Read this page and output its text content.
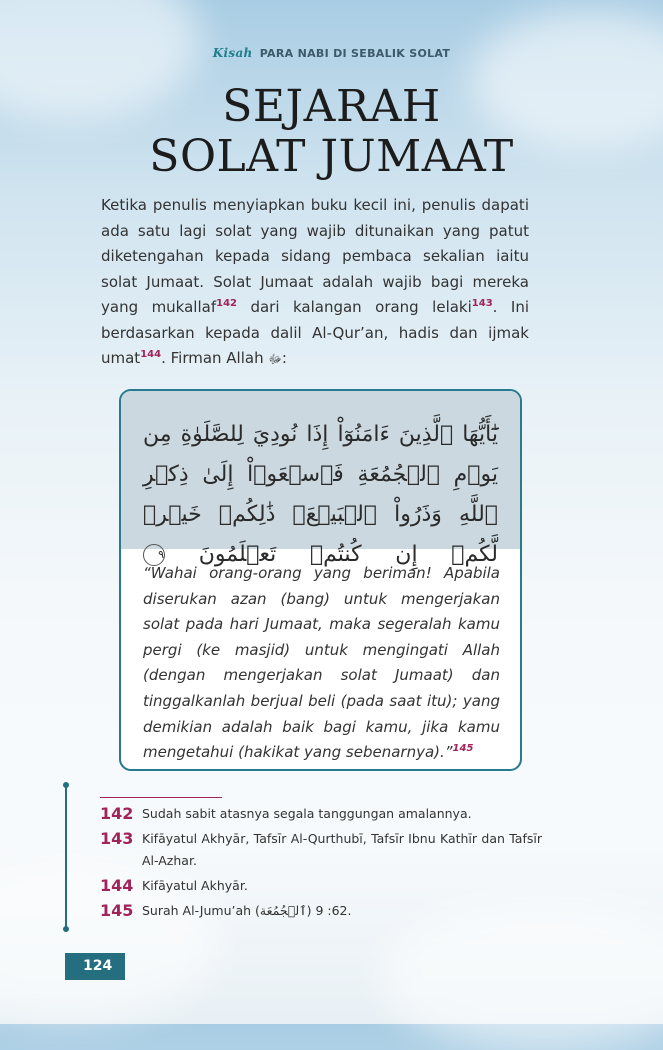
Kisah PARA NABI DI SEBALIK SOLAT
SEJARAH
SOLAT JUMAAT

Ketika penulis menyiapkan buku kecil ini, penulis dapati ada satu lagi solat yang wajib ditunaikan yang patut diketengahan kepada sidang pembaca sekalian iaitu solat Jumaat. Solat Jumaat adalah wajib bagi mereka yang mukallaf$^{142}$ dari kalangan orang lelaki$^{143}$. Ini berdasarkan kepada dalil Al-Qur’an, hadis dan ijmak umat$^{144}$. Firman Allah ﷻ:

يَٰٓأَيُّهَا ٱلَّذِينَ ءَامَنُوٓاْ إِذَا نُودِيَ لِلصَّلَوٰةِ مِن يَوۡمِ ٱلۡجُمُعَةِ فَٱسۡعَوۡاْ إِلَىٰ ذِكۡرِ ٱللَّهِ وَذَرُواْ ٱلۡبَيۡعَۚ ذَٰلِكُمۡ خَيۡرٞ لَّكُمۡ إِن كُنتُمۡ تَعۡلَمُونَ ٩
“Wahai orang-orang yang beriman! Apabila diserukan azan (bang) untuk mengerjakan solat pada hari Jumaat, maka segeralah kamu pergi (ke masjid) untuk mengingati Allah (dengan mengerjakan solat Jumaat) dan tinggalkanlah berjual beli (pada saat itu); yang demikian adalah baik bagi kamu, jika kamu mengetahui (hakikat yang sebenarnya).”$^{145}$
142 Sudah sabit atasnya segala tanggungan amalannya.
143 Kifāyatul Akhyār, Tafsīr Al-Qurthubī, Tafsīr Ibnu Kathīr dan Tafsīr Al-Azhar.
144 Kifāyatul Akhyār.
145 Surah Al-Jumu’ah (ٱلۡجُمُعَة) 62: 9.
124
